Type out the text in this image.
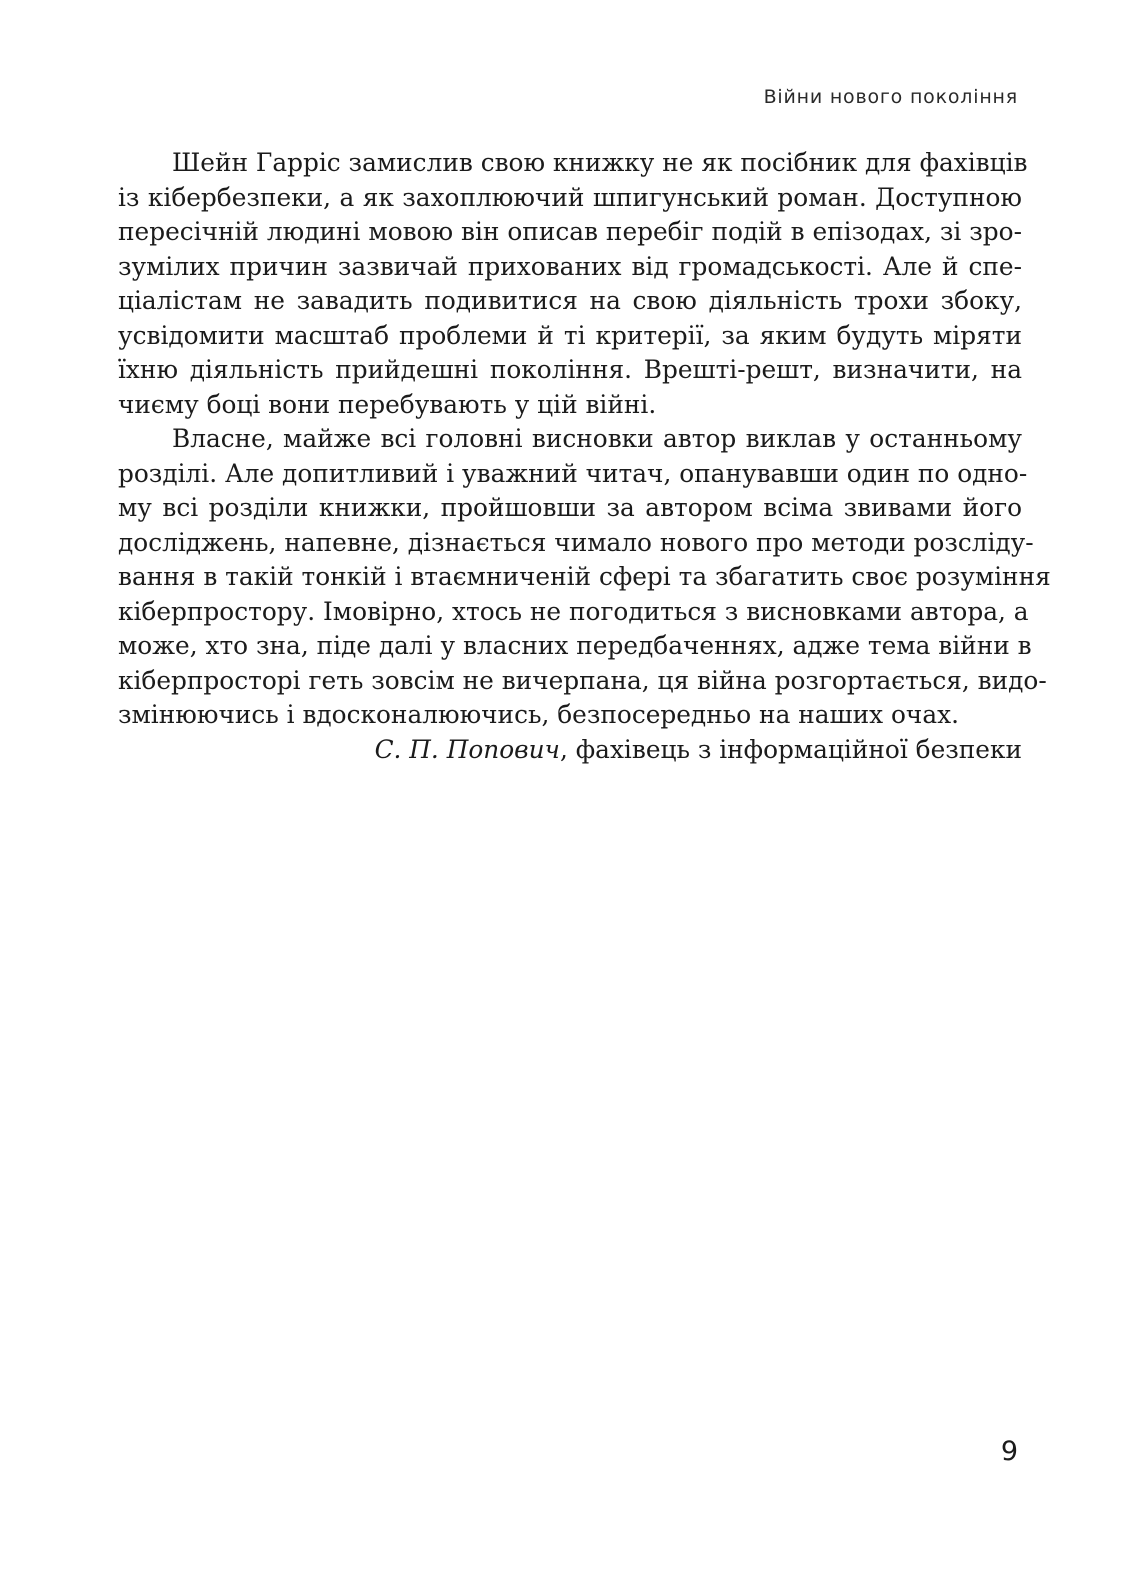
Війни нового покоління

Шейн Гарріс замислив свою книжку не як посібник для фахівців
із кібербезпеки, а як захоплюючий шпигунський роман. Доступною
пересічній людині мовою він описав перебіг подій в епізодах, зі зро-
зумілих причин зазвичай прихованих від громадськості. Але й спе-
ціалістам не завадить подивитися на свою діяльність трохи збоку,
усвідомити масштаб проблеми й ті критерії, за яким будуть міряти
їхню діяльність прийдешні покоління. Врешті-решт, визначити, на
чиєму боці вони перебувають у цій війні.

Власне, майже всі головні висновки автор виклав у останньому
розділі. Але допитливий і уважний читач, опанувавши один по одно-
му всі розділи книжки, пройшовши за автором всіма звивами його
досліджень, напевне, дізнається чимало нового про методи розсліду-
вання в такій тонкій і втаємниченій сфері та збагатить своє розуміння
кіберпростору. Імовірно, хтось не погодиться з висновками автора, а
може, хто зна, піде далі у власних передбаченнях, адже тема війни в
кіберпросторі геть зовсім не вичерпана, ця війна розгортається, видо-
змінюючись і вдосконалюючись, безпосередньо на наших очах.

С. П. Попович, фахівець з інформаційної безпеки
9
